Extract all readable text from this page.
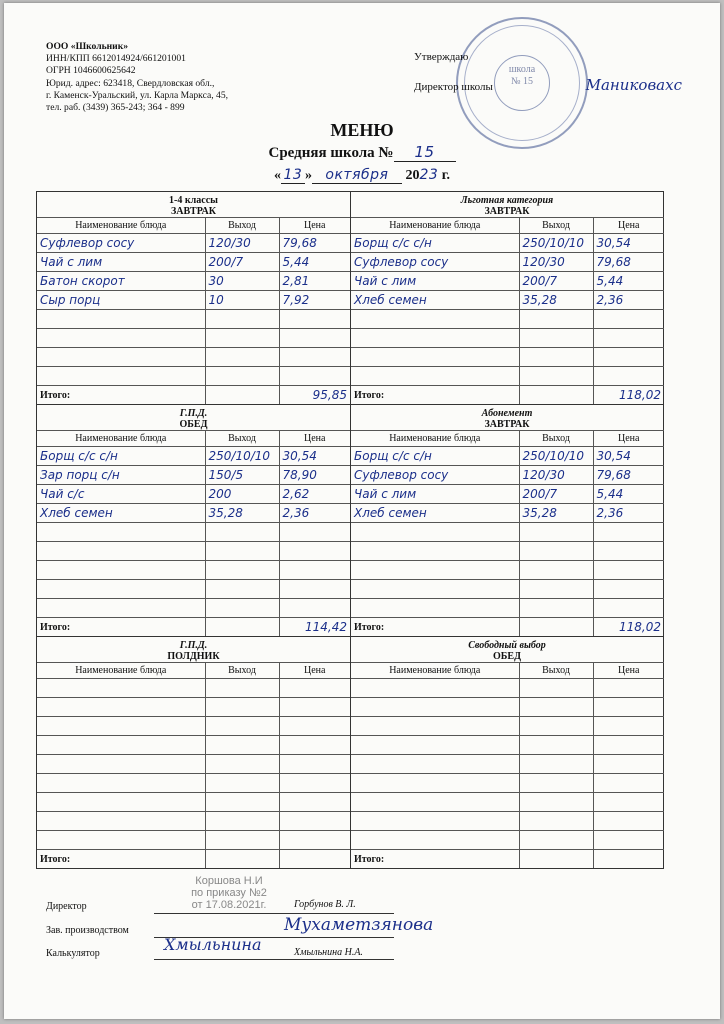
ООО «Школьник»
ИНН/КПП 6612014924/661201001
ОГРН 1046600625642
Юрид. адрес: 623418, Свердловская обл.,
г. Каменск-Уральский, ул. Карла Маркса, 45,
тел. раб. (3439) 365-243; 364 - 899
школа
№ 15
Утверждаю
Директор школы	Маниковахс
МЕНЮ
Средняя школа № 15
« 13 » октября 2023 г.
1-4 классы
ЗАВТРАК
Наименование блюда	Выход	Цена
Суфлевор сосу	120/30	79,68
Чай с лим	200/7	5,44
Батон скорот	30	2,81
Сыр порц	10	7,92

Итого:		95,85
Льготная категория
ЗАВТРАК
Наименование блюда	Выход	Цена
Борщ с/с с/н	250/10/10	30,54
Суфлевор сосу	120/30	79,68
Чай с лим	200/7	5,44
Хлеб семен	35,28	2,36

Итого:		118,02
Г.П.Д.
ОБЕД
Наименование блюда	Выход	Цена
Борщ с/с с/н	250/10/10	30,54
Зар порц с/н	150/5	78,90
Чай с/с	200	2,62
Хлеб семен	35,28	2,36

Итого:		114,42
Абонемент
ЗАВТРАК
Наименование блюда	Выход	Цена
Борщ с/с с/н	250/10/10	30,54
Суфлевор сосу	120/30	79,68
Чай с лим	200/7	5,44
Хлеб семен	35,28	2,36

Итого:		118,02
Г.П.Д.
ПОЛДНИК
Наименование блюда	Выход	Цена

Итого:		
Свободный выбор
ОБЕД
Наименование блюда	Выход	Цена

Итого:		
Директор
Коршова Н.И
по приказу №2
от 17.08.2021г.	Горбунов В. Л.
Зав. производством	Мухаметзянова
Калькулятор	Хмыльнина	Хмыльнина Н.А.
